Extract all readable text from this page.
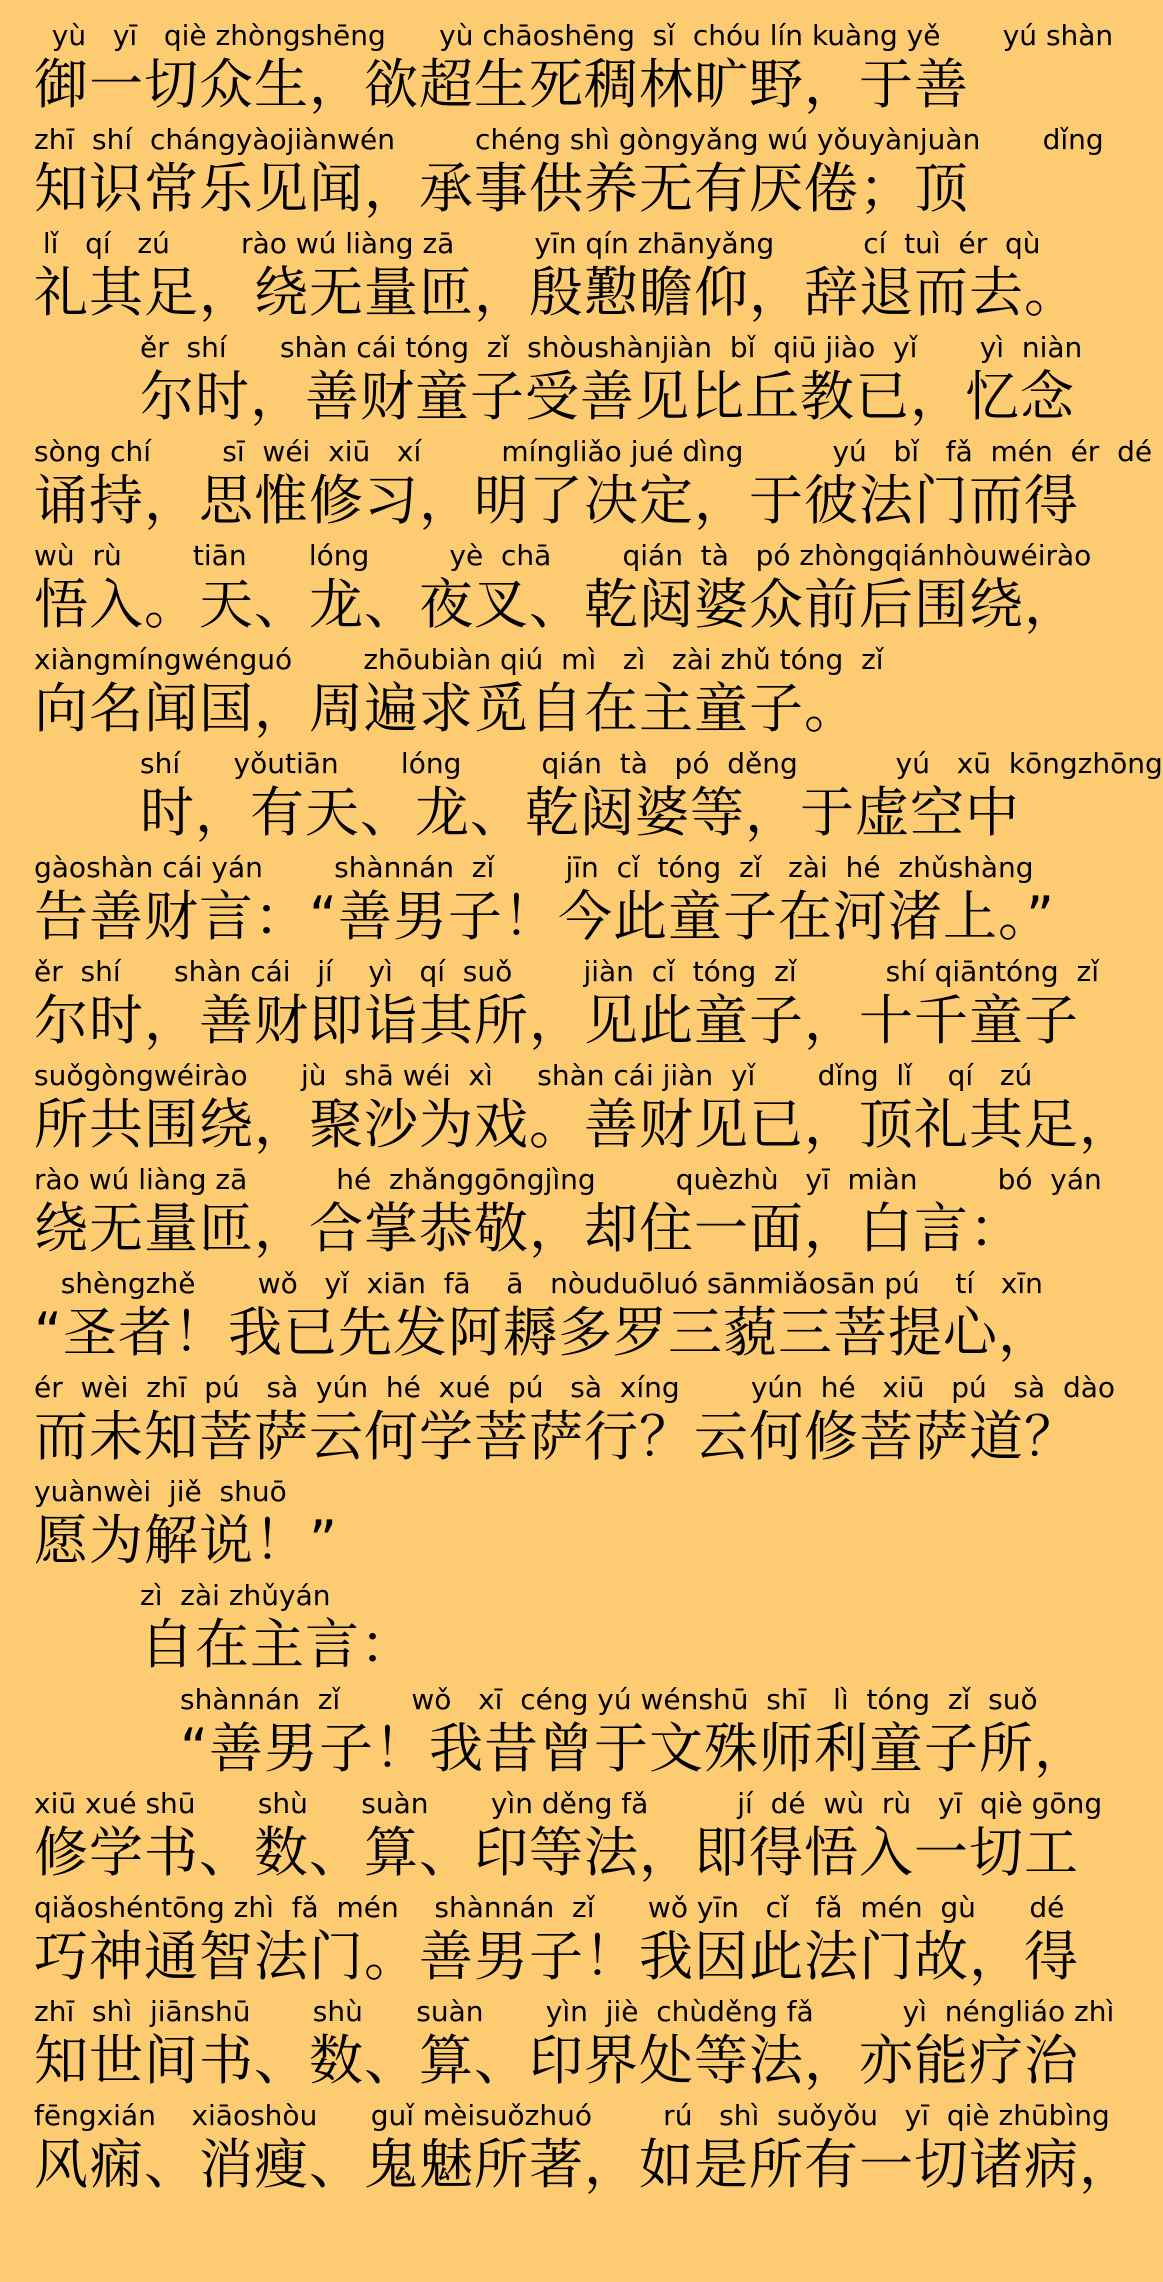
yù   yī   qiè zhòngshēng      yù chāoshēng  sǐ  chóu lín kuàng yě       yú shàn
御一切众生，欲超生死稠林旷野，于善
zhī  shí  chángyàojiànwén         chéng shì gòngyǎng wú yǒuyànjuàn       dǐng
知识常乐见闻，承事供养无有厌倦；顶
lǐ   qí   zú        rào wú liàng zā         yīn qín zhānyǎng          cí  tuì  ér  qù
礼其足，绕无量匝，殷懃瞻仰，辞退而去。
ěr  shí      shàn cái tóng  zǐ  shòushànjiàn  bǐ  qiū jiào  yǐ       yì  niàn
尔时，善财童子受善见比丘教已，忆念
sòng chí        sī  wéi  xiū   xí         míngliǎo jué dìng          yú   bǐ   fǎ  mén  ér  dé
诵持，思惟修习，明了决定，于彼法门而得
wù  rù        tiān       lóng         yè  chā        qián  tà   pó zhòngqiánhòuwéirào
悟入。天、龙、夜叉、乾闼婆众前后围绕，
xiàngmíngwénguó        zhōubiàn qiú  mì   zì   zài zhǔ tóng  zǐ
向名闻国，周遍求觅自在主童子。
shí      yǒutiān       lóng         qián  tà   pó  děng           yú   xū  kōngzhōng
时，有天、龙、乾闼婆等，于虚空中
gàoshàn cái yán        shànnán  zǐ        jīn  cǐ  tóng  zǐ   zài  hé  zhǔshàng
告善财言：“善男子！今此童子在河渚上。”
ěr  shí      shàn cái   jí    yì   qí  suǒ        jiàn  cǐ  tóng  zǐ          shí qiāntóng  zǐ
尔时，善财即诣其所，见此童子，十千童子
suǒgòngwéirào      jù  shā wéi  xì     shàn cái jiàn  yǐ       dǐng  lǐ    qí   zú
所共围绕，聚沙为戏。善财见已，顶礼其足，
rào wú liàng zā          hé  zhǎnggōngjìng         quèzhù   yī  miàn         bó  yán
绕无量匝，合掌恭敬，却住一面，白言：
shèngzhě       wǒ   yǐ  xiān  fā    ā   nòuduōluó sānmiǎosān pú    tí   xīn
“圣者！我已先发阿耨多罗三藐三菩提心，
ér  wèi  zhī  pú   sà  yún  hé  xué  pú   sà  xíng        yún  hé   xiū   pú   sà  dào
而未知菩萨云何学菩萨行？云何修菩萨道？
yuànwèi  jiě  shuō
愿为解说！”
zì  zài zhǔyán
自在主言：
shànnán  zǐ        wǒ   xī  céng yú wénshū  shī   lì  tóng  zǐ  suǒ
“善男子！我昔曾于文殊师利童子所，
xiū xué shū       shù      suàn       yìn děng fǎ          jí  dé  wù  rù   yī  qiè gōng
修学书、数、算、印等法，即得悟入一切工
qiǎoshéntōng zhì  fǎ  mén    shànnán  zǐ      wǒ yīn   cǐ   fǎ  mén  gù      dé
巧神通智法门。善男子！我因此法门故，得
zhī  shì  jiānshū       shù      suàn       yìn  jiè  chùděng fǎ          yì  néngliáo zhì
知世间书、数、算、印界处等法，亦能疗治
fēngxián    xiāoshòu      guǐ mèisuǒzhuó        rú   shì  suǒyǒu   yī  qiè zhūbìng
风痫、消瘦、鬼魅所著，如是所有一切诸病，
